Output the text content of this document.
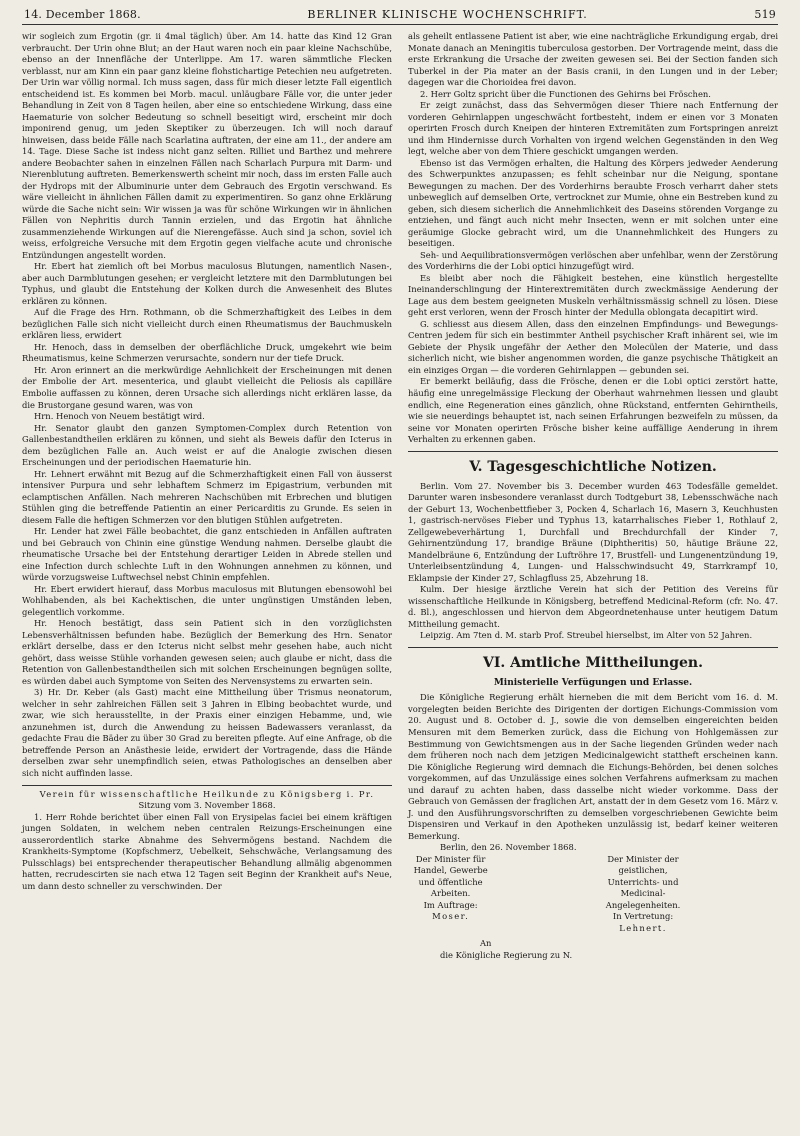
14. December 1868.	BERLINER KLINISCHE WOCHENSCHRIFT.	519

wir sogleich zum Ergotin (gr. ii 4mal täglich) über. Am 14. hatte das Kind 12 Gran verbraucht. Der Urin ohne Blut; an der Haut waren noch ein paar kleine Nachschübe, ebenso an der Innenfläche der Unterlippe. Am 17. waren sämmtliche Flecken verblasst, nur am Kinn ein paar ganz kleine flohstichartige Petechien neu aufgetreten. Der Urin war völlig normal. Ich muss sagen, dass für mich dieser letzte Fall eigentlich entscheidend ist. Es kommen bei Morb. macul. unläugbare Fälle vor, die unter jeder Behandlung in Zeit von 8 Tagen heilen, aber eine so entschiedene Wirkung, dass eine Haematurie von solcher Bedeutung so schnell beseitigt wird, erscheint mir doch imponirend genug, um jeden Skeptiker zu überzeugen. Ich will noch darauf hinweisen, dass beide Fälle nach Scarlatina auftraten, der eine am 11., der andere am 14. Tage. Diese Sache ist indess nicht ganz selten. Rilliet und Barthez und mehrere andere Beobachter sahen in einzelnen Fällen nach Scharlach Purpura mit Darm- und Nierenblutung auftreten. Bemerkenswerth scheint mir noch, dass im ersten Falle auch der Hydrops mit der Albuminurie unter dem Gebrauch des Ergotin verschwand. Es wäre vielleicht in ähnlichen Fällen damit zu experimentiren. So ganz ohne Erklärung würde die Sache nicht sein: Wir wissen ja was für schöne Wirkungen wir in ähnlichen Fällen von Nephritis durch Tannin erzielen, und das Ergotin hat ähnliche zusammenziehende Wirkungen auf die Nierengefässe. Auch sind ja schon, soviel ich weiss, erfolgreiche Versuche mit dem Ergotin gegen vielfache acute und chronische Entzündungen angestellt worden.

Hr. Ebert hat ziemlich oft bei Morbus maculosus Blutungen, namentlich Nasen-, aber auch Darmblutungen gesehen; er vergleicht letztere mit den Darmblutungen bei Typhus, und glaubt die Entstehung der Kolken durch die Anwesenheit des Blutes erklären zu können.

Auf die Frage des Hrn. Rothmann, ob die Schmerzhaftigkeit des Leibes in dem bezüglichen Falle sich nicht vielleicht durch einen Rheumatismus der Bauchmuskeln erklären liess, erwidert

Hr. Henoch, dass in demselben der oberflächliche Druck, umgekehrt wie beim Rheumatismus, keine Schmerzen verursachte, sondern nur der tiefe Druck.

Hr. Aron erinnert an die merkwürdige Aehnlichkeit der Erscheinungen mit denen der Embolie der Art. mesenterica, und glaubt vielleicht die Peliosis als capilläre Embolie auffassen zu können, deren Ursache sich allerdings nicht erklären lasse, da die Brustorgane gesund waren, was von

Hrn. Henoch von Neuem bestätigt wird.

Hr. Senator glaubt den ganzen Symptomen-Complex durch Retention von Gallenbestandtheilen erklären zu können, und sieht als Beweis dafür den Icterus in dem bezüglichen Falle an. Auch weist er auf die Analogie zwischen diesen Erscheinungen und der periodischen Haematurie hin.

Hr. Lehnert erwähnt mit Bezug auf die Schmerzhaftigkeit einen Fall von äusserst intensiver Purpura und sehr lebhaftem Schmerz im Epigastrium, verbunden mit eclamptischen Anfällen. Nach mehreren Nachschüben mit Erbrechen und blutigen Stühlen ging die betreffende Patientin an einer Pericarditis zu Grunde. Es seien in diesem Falle die heftigen Schmerzen vor den blutigen Stühlen aufgetreten.

Hr. Lender hat zwei Fälle beobachtet, die ganz entschieden in Anfällen auftraten und bei Gebrauch von Chinin eine günstige Wendung nahmen. Derselbe glaubt die rheumatische Ursache bei der Entstehung derartiger Leiden in Abrede stellen und eine Infection durch schlechte Luft in den Wohnungen annehmen zu können, und würde vorzugsweise Luftwechsel nebst Chinin empfehlen.

Hr. Ebert erwidert hierauf, dass Morbus maculosus mit Blutungen ebensowohl bei Wohlhabenden, als bei Kachektischen, die unter ungünstigen Umständen leben, gelegentlich vorkomme.

Hr. Henoch bestätigt, dass sein Patient sich in den vorzüglichsten Lebensverhältnissen befunden habe. Bezüglich der Bemerkung des Hrn. Senator erklärt derselbe, dass er den Icterus nicht selbst mehr gesehen habe, auch nicht gehört, dass weisse Stühle vorhanden gewesen seien; auch glaube er nicht, dass die Retention von Gallenbestandtheilen sich mit solchen Erscheinungen begnügen sollte, es würden dabei auch Symptome von Seiten des Nervensystems zu erwarten sein.

3) Hr. Dr. Keber (als Gast) macht eine Mittheilung über Trismus neonatorum, welcher in sehr zahlreichen Fällen seit 3 Jahren in Elbing beobachtet wurde, und zwar, wie sich herausstellte, in der Praxis einer einzigen Hebamme, und, wie anzunehmen ist, durch die Anwendung zu heissen Badewassers veranlasst, da gedachte Frau die Bäder zu über 30 Grad zu bereiten pflegte. Auf eine Anfrage, ob die betreffende Person an Anästhesie leide, erwidert der Vortragende, dass die Hände derselben zwar sehr unempfindlich seien, etwas Pathologisches an denselben aber sich nicht auffinden lasse.

Verein für wissenschaftliche Heilkunde zu Königsberg i. Pr.

Sitzung vom 3. November 1868.

1. Herr Rohde berichtet über einen Fall von Erysipelas faciei bei einem kräftigen jungen Soldaten, in welchem neben centralen Reizungs-Erscheinungen eine ausserordentlich starke Abnahme des Sehvermögens bestand. Nachdem die Krankheits-Symptome (Kopfschmerz, Uebelkeit, Sehschwäche, Verlangsamung des Pulsschlags) bei entsprechender therapeutischer Behandlung allmälig abgenommen hatten, recrudescirten sie nach etwa 12 Tagen seit Beginn der Krankheit auf's Neue, um dann desto schneller zu verschwinden. Der

als geheilt entlassene Patient ist aber, wie eine nachträgliche Erkundigung ergab, drei Monate danach an Meningitis tuberculosa gestorben. Der Vortragende meint, dass die erste Erkrankung die Ursache der zweiten gewesen sei. Bei der Section fanden sich Tuberkel in der Pia mater an der Basis cranii, in den Lungen und in der Leber; dagegen war die Chorioidea frei davon.

2. Herr Goltz spricht über die Functionen des Gehirns bei Fröschen.

Er zeigt zunächst, dass das Sehvermögen dieser Thiere nach Entfernung der vorderen Gehirnlappen ungeschwächt fortbesteht, indem er einen vor 3 Monaten operirten Frosch durch Kneipen der hinteren Extremitäten zum Fortspringen anreizt und ihm Hindernisse durch Vorhalten von irgend welchen Gegenständen in den Weg legt, welche aber von dem Thiere geschickt umgangen werden.

Ebenso ist das Vermögen erhalten, die Haltung des Körpers jedweder Aenderung des Schwerpunktes anzupassen; es fehlt scheinbar nur die Neigung, spontane Bewegungen zu machen. Der des Vorderhirns beraubte Frosch verharrt daher stets unbeweglich auf demselben Orte, vertrocknet zur Mumie, ohne ein Bestreben kund zu geben, sich diesem sicherlich die Annehmlichkeit des Daseins störenden Vorgange zu entziehen, und fängt auch nicht mehr Insecten, wenn er mit solchen unter eine geräumige Glocke gebracht wird, um die Unannehmlichkeit des Hungers zu beseitigen.

Seh- und Aequilibrationsvermögen verlöschen aber unfehlbar, wenn der Zerstörung des Vorderhirns die der Lobi optici hinzugefügt wird.

Es bleibt aber noch die Fähigkeit bestehen, eine künstlich hergestellte Ineinanderschlingung der Hinterextremitäten durch zweckmässige Aenderung der Lage aus dem bestem geeigneten Muskeln verhältnissmässig schnell zu lösen. Diese geht erst verloren, wenn der Frosch hinter der Medulla oblongata decapitirt wird.

G. schliesst aus diesem Allen, dass den einzelnen Empfindungs- und Bewegungs-Centren jedem für sich ein bestimmter Antheil psychischer Kraft inhärent sei, wie im Gebiete der Physik ungefähr der Aether den Molecülen der Materie, und dass sicherlich nicht, wie bisher angenommen worden, die ganze psychische Thätigkeit an ein einziges Organ — die vorderen Gehirnlappen — gebunden sei.

Er bemerkt beiläufig, dass die Frösche, denen er die Lobi optici zerstört hatte, häufig eine unregelmässige Fleckung der Oberhaut wahrnehmen liessen und glaubt endlich, eine Regeneration eines gänzlich, ohne Rückstand, entfernten Gehirntheils, wie sie neuerdings behauptet ist, nach seinen Erfahrungen bezweifeln zu müssen, da seine vor Monaten operirten Frösche bisher keine auffällige Aenderung in ihrem Verhalten zu erkennen gaben.

V. Tagesgeschichtliche Notizen.

Berlin. Vom 27. November bis 3. December wurden 463 Todesfälle gemeldet. Darunter waren insbesondere veranlasst durch Todtgeburt 38, Lebensschwäche nach der Geburt 13, Wochenbettfieber 3, Pocken 4, Scharlach 16, Masern 3, Keuchhusten 1, gastrisch-nervöses Fieber und Typhus 13, katarrhalisches Fieber 1, Rothlauf 2, Zellgewebeverhärtung 1, Durchfall und Brechdurchfall der Kinder 7, Gehirnentzündung 17, brandige Bräune (Diphtheritis) 50, häutige Bräune 22, Mandelbräune 6, Entzündung der Luftröhre 17, Brustfell- und Lungenentzündung 19, Unterleibsentzündung 4, Lungen- und Halsschwindsucht 49, Starrkrampf 10, Eklampsie der Kinder 27, Schlagfluss 25, Abzehrung 18.

Kulm. Der hiesige ärztliche Verein hat sich der Petition des Vereins für wissenschaftliche Heilkunde in Königsberg, betreffend Medicinal-Reform (cfr. No. 47. d. Bl.), angeschlossen und hiervon dem Abgeordnetenhause unter heutigem Datum Mittheilung gemacht.

Leipzig. Am 7ten d. M. starb Prof. Streubel hierselbst, im Alter von 52 Jahren.

VI. Amtliche Mittheilungen.
Ministerielle Verfügungen und Erlasse.

Die Königliche Regierung erhält hierneben die mit dem Bericht vom 16. d. M. vorgelegten beiden Berichte des Dirigenten der dortigen Eichungs-Commission vom 20. August und 8. October d. J., sowie die von demselben eingereichten beiden Mensuren mit dem Bemerken zurück, dass die Eichung von Hohlgemässen zur Bestimmung von Gewichtsmengen aus in der Sache liegenden Gründen weder nach dem früheren noch nach dem jetzigen Medicinalgewicht stattheft erscheinen kann. Die Königliche Regierung wird demnach die Eichungs-Behörden, bei denen solches vorgekommen, auf das Unzulässige eines solchen Verfahrens aufmerksam zu machen und darauf zu achten haben, dass dasselbe nicht wieder vorkomme. Dass der Gebrauch von Gemässen der fraglichen Art, anstatt der in dem Gesetz vom 16. März v. J. und den Ausführungsvorschriften zu demselben vorgeschriebenen Gewichte beim Dispensiren und Verkauf in den Apotheken unzulässig ist, bedarf keiner weiteren Bemerkung.

Berlin, den 26. November 1868.

Der Minister für Handel, Gewerbe
und öffentliche Arbeiten.
Im Auftrage:
Moser.
Der Minister der geistlichen, Unterrichts- und Medicinal-Angelegenheiten.
In Vertretung:
Lehnert.

An

die Königliche Regierung zu N.
